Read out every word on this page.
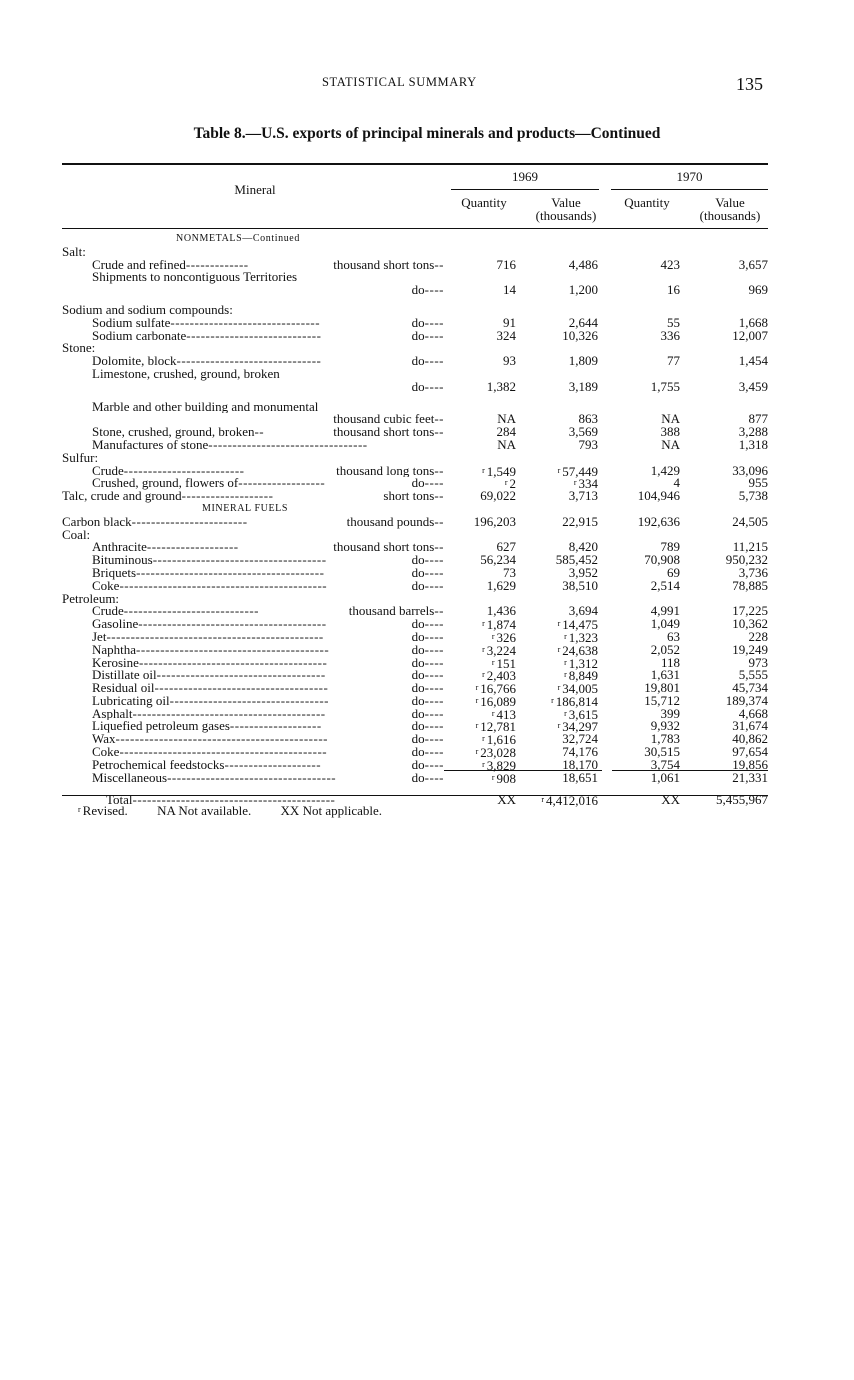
STATISTICAL SUMMARY	135
Table 8.—U.S. exports of principal minerals and products—Continued
Mineral
1969	1970
Quantity	Value
(thousands)
Quantity	Value
(thousands)
NONMETALS—Continued
Salt:
Crude and refined-------------	thousand short tons--	716	4,486	423	3,657
Shipments to noncontiguous Territories
do----	14	1,200	16	969
Sodium and sodium compounds:
Sodium sulfate-------------------------------	do----	91	2,644	55	1,668
Sodium carbonate----------------------------	do----	324	10,326	336	12,007
Stone:
Dolomite, block------------------------------	do----	93	1,809	77	1,454
Limestone, crushed, ground, broken
do----	1,382	3,189	1,755	3,459
Marble and other building and monumental
thousand cubic feet--	NA	863	NA	877
Stone, crushed, ground, broken--	thousand short tons--	284	3,569	388	3,288
Manufactures of stone---------------------------------	NA	793	NA	1,318
Sulfur:
Crude-------------------------	thousand long tons--	$^r$ 1,549	$^r$ 57,449	1,429	33,096
Crushed, ground, flowers of------------------	do----	$^r$ 2	$^r$ 334	4	955
Talc, crude and ground-------------------	short tons--	69,022	3,713	104,946	5,738
MINERAL FUELS
Carbon black------------------------	thousand pounds-- 196,203	22,915	192,636	24,505
Coal:
Anthracite-------------------	thousand short tons--	627	8,420	789	11,215
Bituminous------------------------------------	do----	56,234	585,452	70,908	950,232
Briquets---------------------------------------	do----	73	3,952	69	3,736
Coke-------------------------------------------	do----	1,629	38,510	2,514	78,885
Petroleum:
Crude----------------------------	thousand barrels--	1,436	3,694	4,991	17,225
Gasoline---------------------------------------	do----	$^r$ 1,874	$^r$ 14,475	1,049	10,362
Jet---------------------------------------------	do----	$^r$ 326	$^r$ 1,323	63	228
Naphtha----------------------------------------	do----	$^r$ 3,224	$^r$ 24,638	2,052	19,249
Kerosine---------------------------------------	do----	$^r$ 151	$^r$ 1,312	118	973
Distillate oil-----------------------------------	do----	$^r$ 2,403	$^r$ 8,849	1,631	5,555
Residual oil------------------------------------	do----	$^r$ 16,766	$^r$ 34,005	19,801	45,734
Lubricating oil---------------------------------	do----	$^r$ 16,089	$^r$ 186,814	15,712	189,374
Asphalt----------------------------------------	do----	$^r$ 413	$^r$ 3,615	399	4,668
Liquefied petroleum gases-------------------	do----	$^r$ 12,781	$^r$ 34,297	9,932	31,674
Wax--------------------------------------------	do----	$^r$ 1,616	32,724	1,783	40,862
Coke-------------------------------------------	do----	$^r$ 23,028	74,176	30,515	97,654
Petrochemical feedstocks--------------------	do----	$^r$ 3,829	18,170	3,754	19,856
Miscellaneous-----------------------------------	do----	$^r$ 908	18,651	1,061	21,331
Total------------------------------------------	XX	$^r$ 4,412,016	XX	5,455,967
$^r$ Revised. NA Not available. XX Not applicable.
